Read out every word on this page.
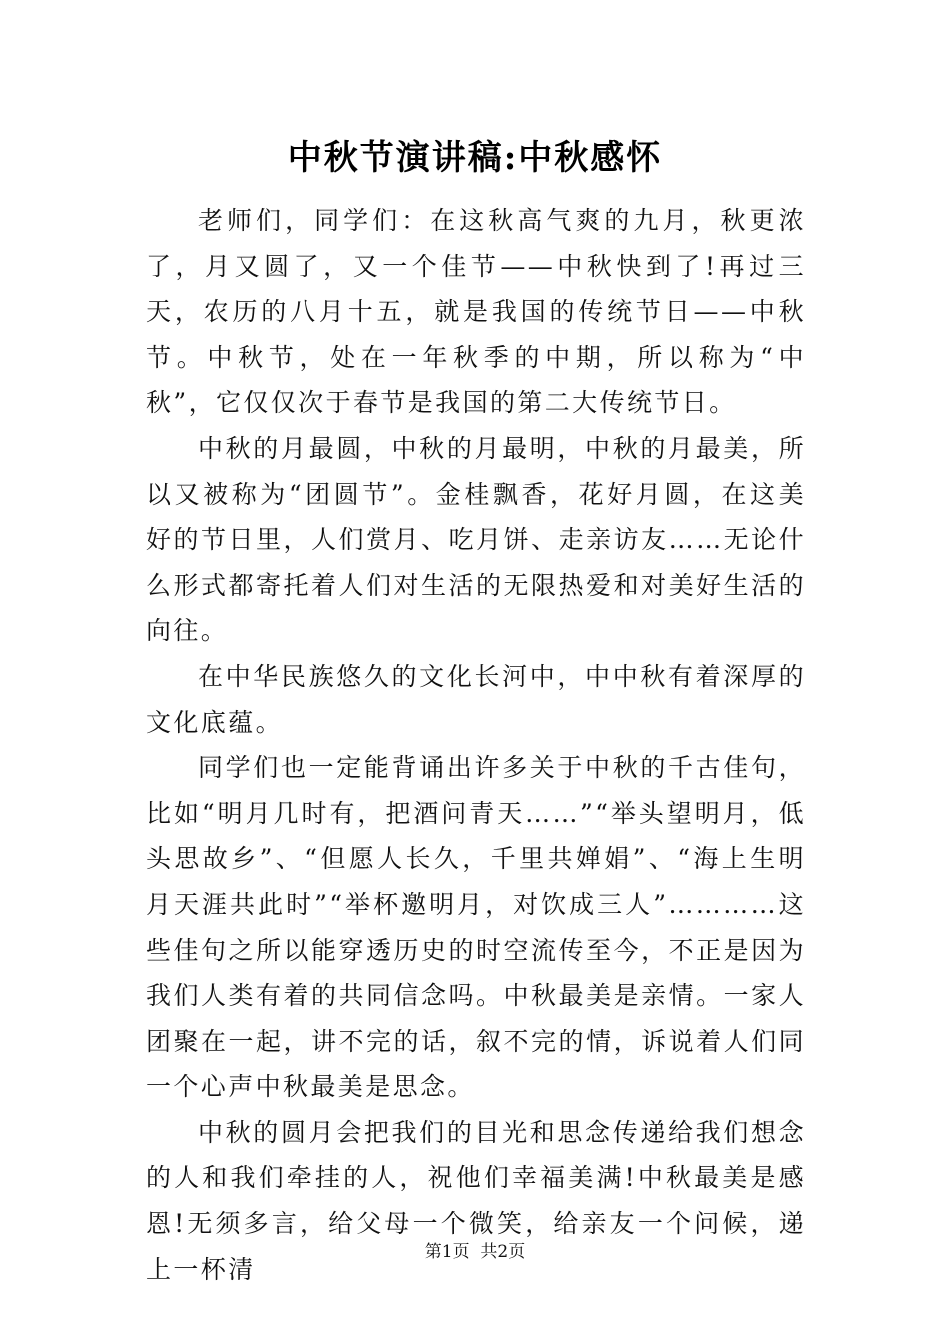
中秋节演讲稿:中秋感怀

老师们，同学们：在这秋高气爽的九月，秋更浓了，月又圆了，又一个佳节——中秋快到了!再过三天，农历的八月十五，就是我国的传统节日——中秋节。中秋节，处在一年秋季的中期，所以称为“中秋”，它仅仅次于春节是我国的第二大传统节日。

中秋的月最圆，中秋的月最明，中秋的月最美，所以又被称为“团圆节”。金桂飘香，花好月圆，在这美好的节日里，人们赏月、吃月饼、走亲访友……无论什么形式都寄托着人们对生活的无限热爱和对美好生活的向往。

在中华民族悠久的文化长河中，中中秋有着深厚的文化底蕴。

同学们也一定能背诵出许多关于中秋的千古佳句，比如“明月几时有，把酒问青天……”“举头望明月，低头思故乡”、“但愿人长久，千里共婵娟”、“海上生明月天涯共此时”“举杯邀明月，对饮成三人”…………这些佳句之所以能穿透历史的时空流传至今，不正是因为我们人类有着的共同信念吗。中秋最美是亲情。一家人团聚在一起，讲不完的话，叙不完的情，诉说着人们同一个心声中秋最美是思念。

中秋的圆月会把我们的目光和思念传递给我们想念的人和我们牵挂的人，祝他们幸福美满!中秋最美是感恩!无须多言，给父母一个微笑，给亲友一个问候，递上一杯清

第1页  共2页
